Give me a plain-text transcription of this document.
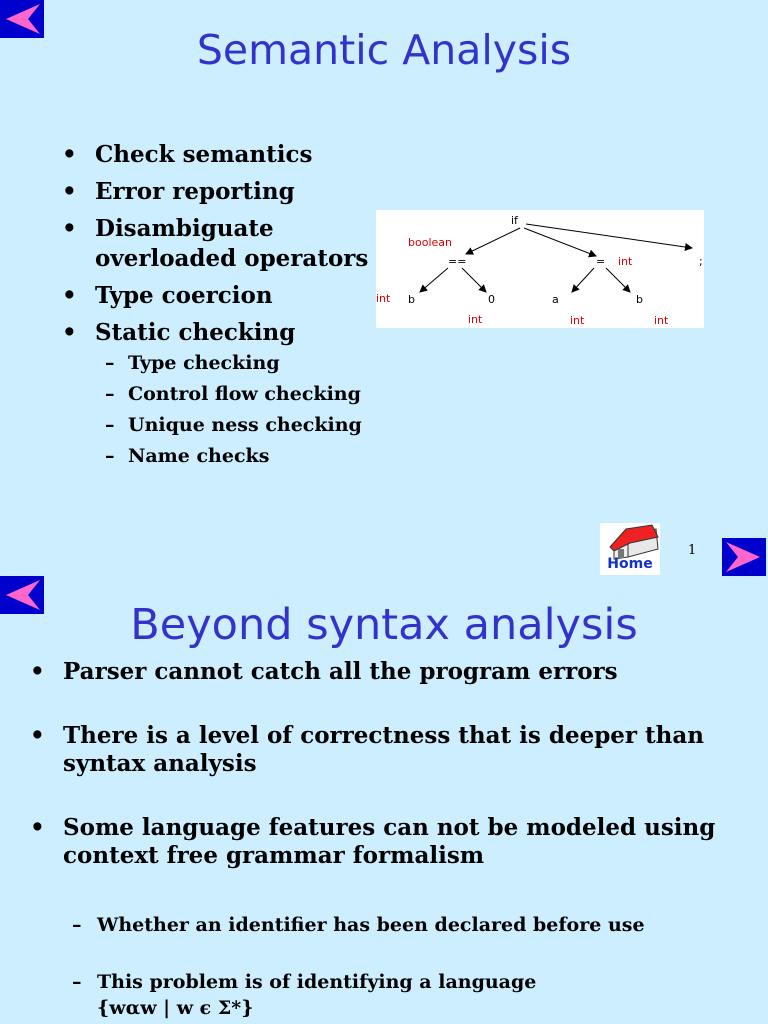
Semantic Analysis
• Check semantics
• Error reporting
• Disambiguate overloaded operators
• Type coercion
• Static checking
– Type checking
– Control flow checking
– Unique ness checking
– Name checks
if
==	=	;
b	0	a	b
boolean
int
int
int	int	int
Home
1
Beyond syntax analysis
• Parser cannot catch all the program errors
• There is a level of correctness that is deeper than syntax analysis
• Some language features can not be modeled using context free grammar formalism
– Whether an identifier has been declared before use
– This problem is of identifying a language {wαw | w є Σ*}
